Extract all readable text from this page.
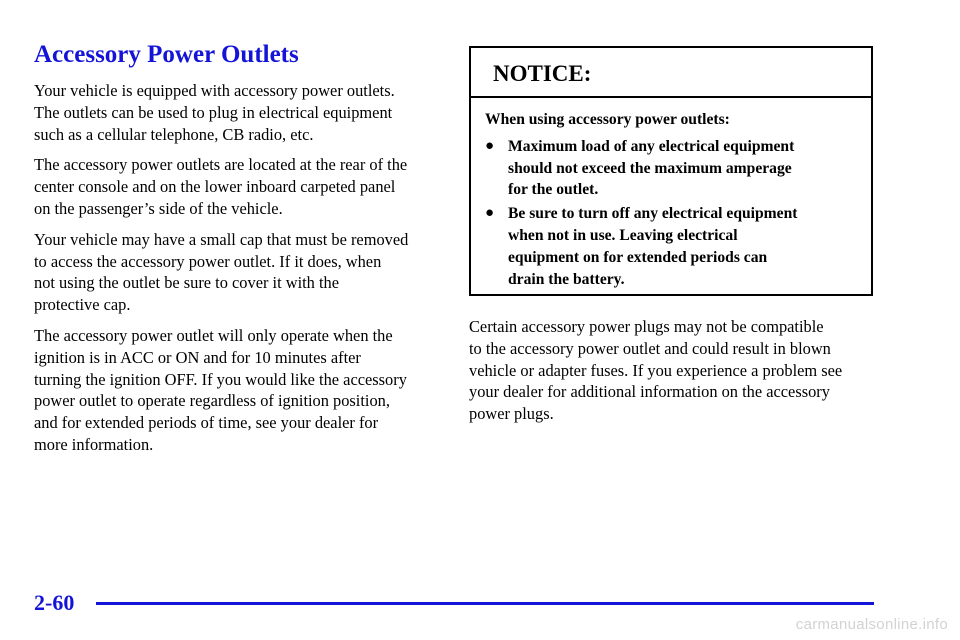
Accessory Power Outlets

Your vehicle is equipped with accessory power outlets.
The outlets can be used to plug in electrical equipment
such as a cellular telephone, CB radio, etc.

The accessory power outlets are located at the rear of the
center console and on the lower inboard carpeted panel
on the passenger’s side of the vehicle.

Your vehicle may have a small cap that must be removed
to access the accessory power outlet. If it does, when
not using the outlet be sure to cover it with the
protective cap.

The accessory power outlet will only operate when the
ignition is in ACC or ON and for 10 minutes after
turning the ignition OFF. If you would like the accessory
power outlet to operate regardless of ignition position,
and for extended periods of time, see your dealer for
more information.

NOTICE:

When using accessory power outlets:

● Maximum load of any electrical equipment
should not exceed the maximum amperage
for the outlet.
● Be sure to turn off any electrical equipment
when not in use. Leaving electrical
equipment on for extended periods can
drain the battery.

Certain accessory power plugs may not be compatible
to the accessory power outlet and could result in blown
vehicle or adapter fuses. If you experience a problem see
your dealer for additional information on the accessory
power plugs.

2-60
carmanualsonline.info
